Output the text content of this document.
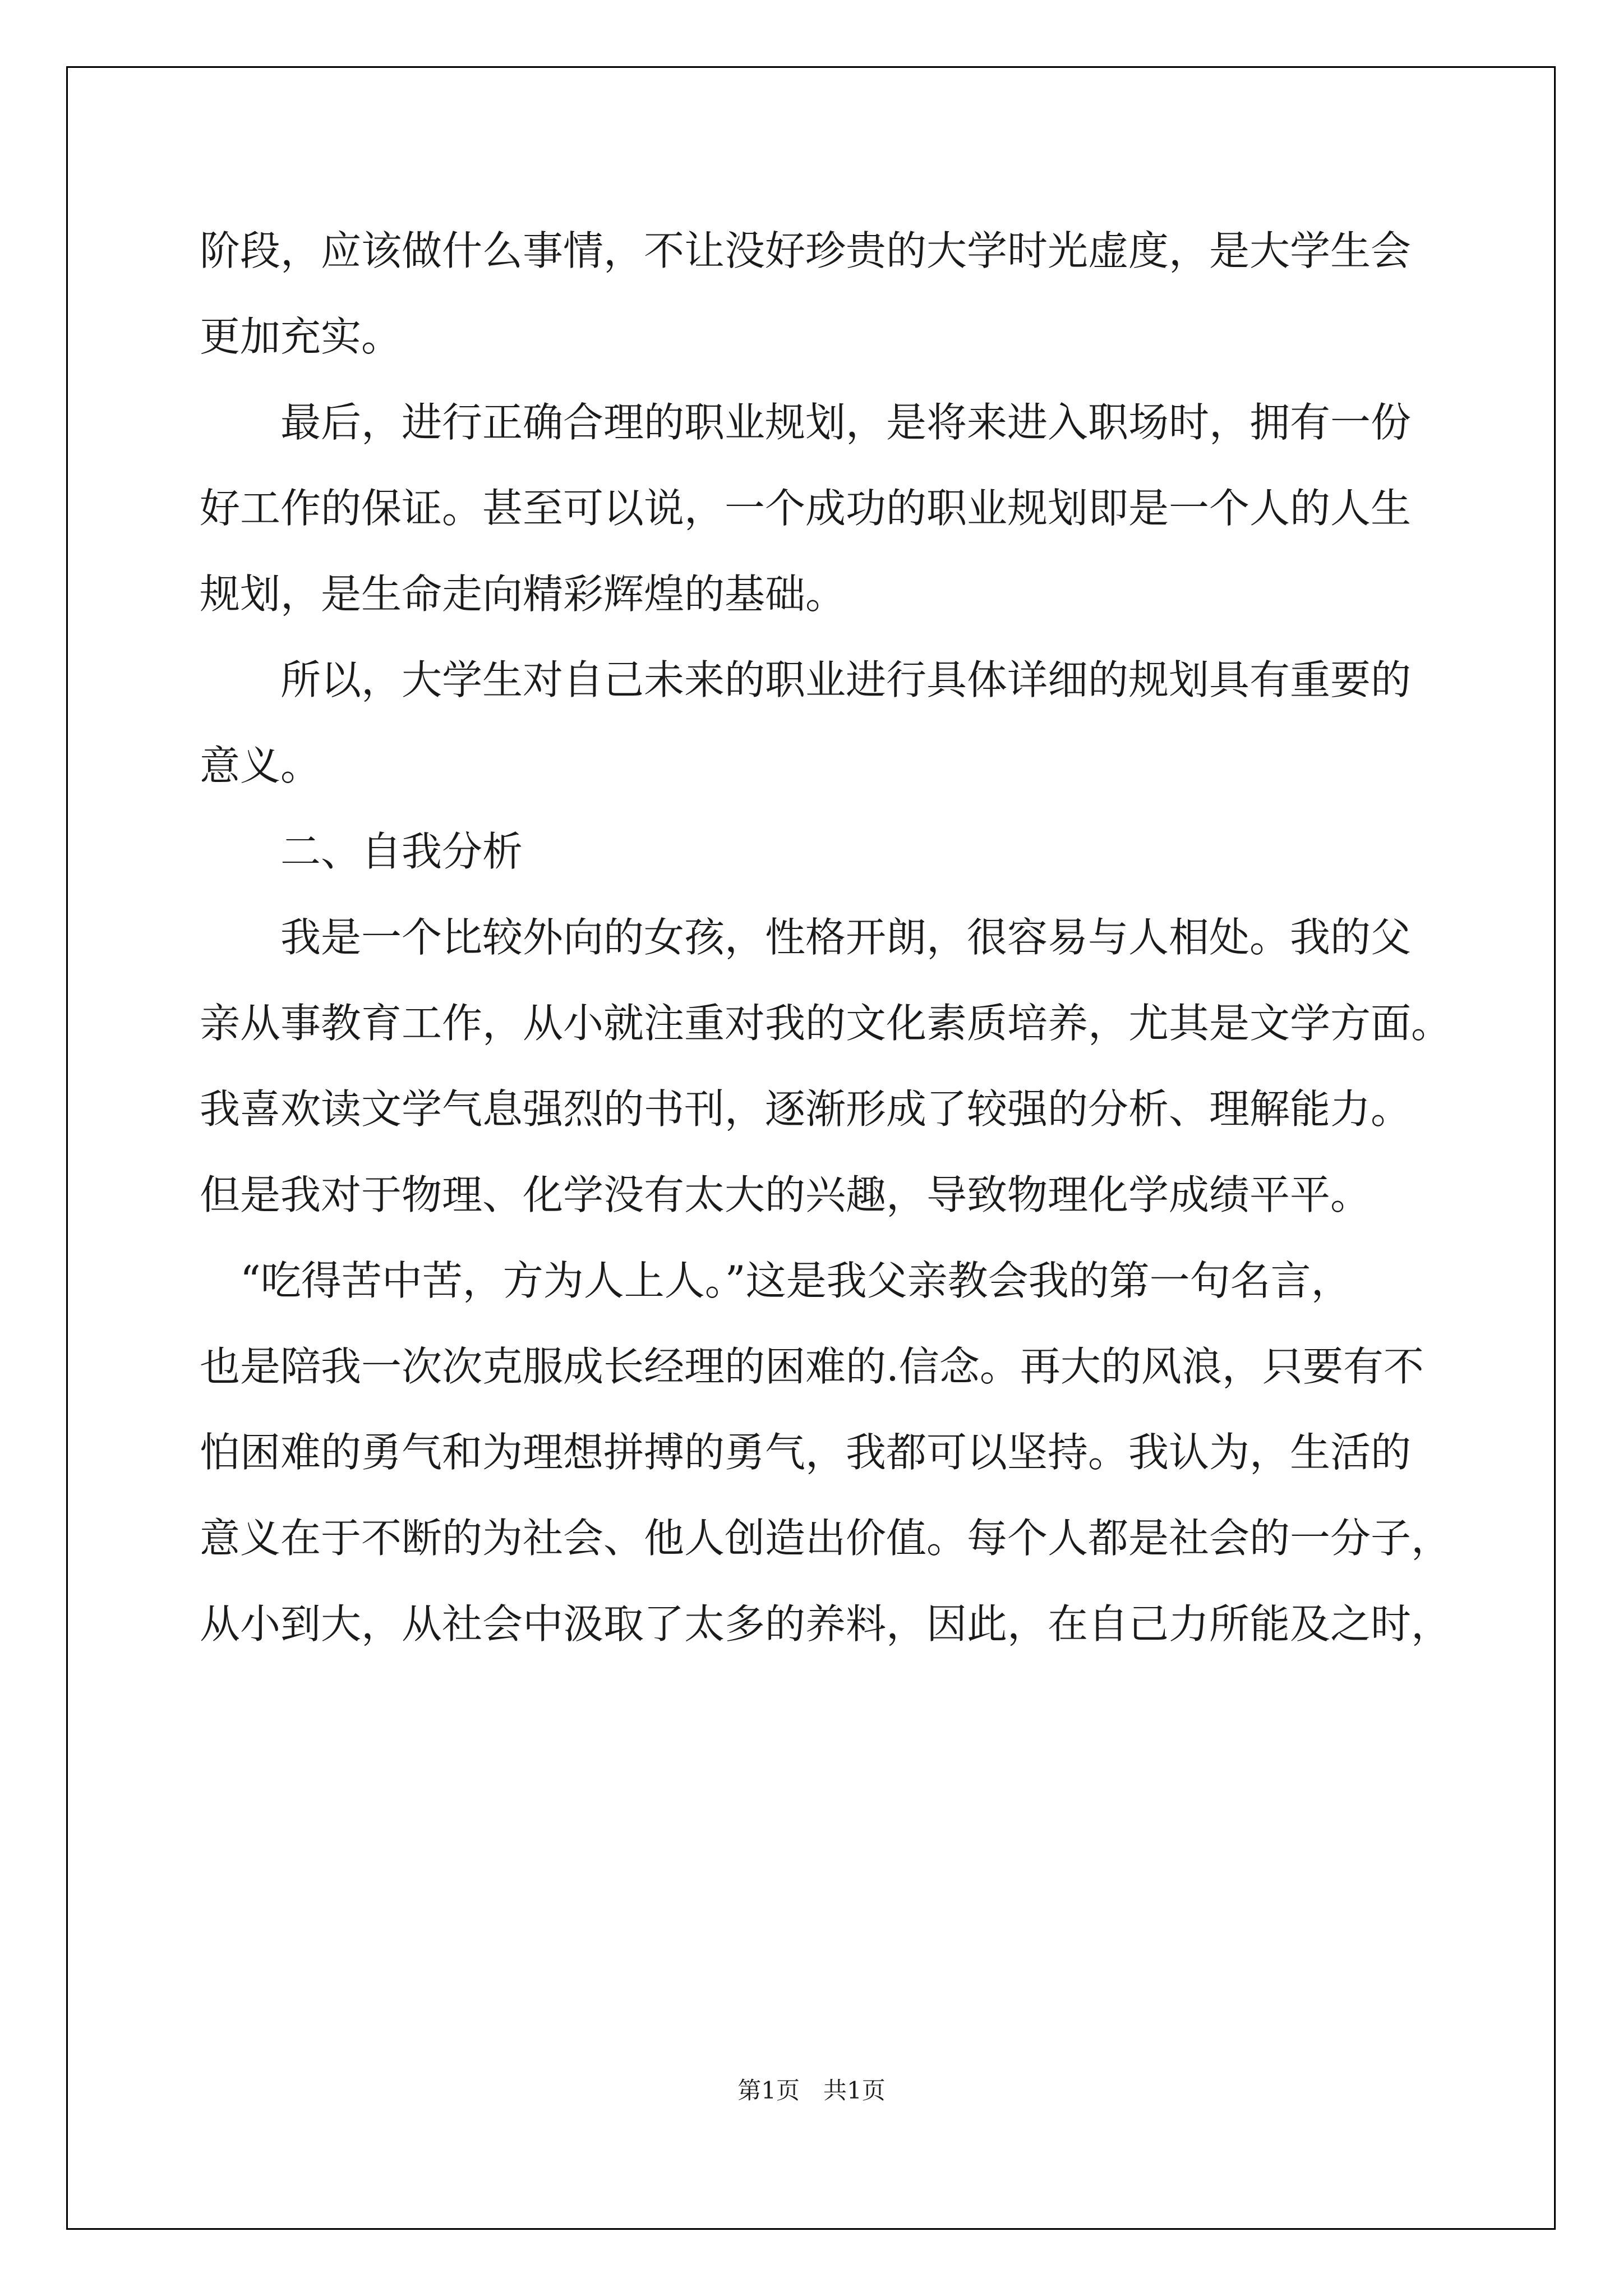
阶段，应该做什么事情，不让没好珍贵的大学时光虚度，是大学生会
更加充实。
　　最后，进行正确合理的职业规划，是将来进入职场时，拥有一份
好工作的保证。甚至可以说，一个成功的职业规划即是一个人的人生
规划，是生命走向精彩辉煌的基础。
　　所以，大学生对自己未来的职业进行具体详细的规划具有重要的
意义。
　　二、自我分析
　　我是一个比较外向的女孩，性格开朗，很容易与人相处。我的父
亲从事教育工作，从小就注重对我的文化素质培养，尤其是文学方面。
我喜欢读文学气息强烈的书刊，逐渐形成了较强的分析、理解能力。
但是我对于物理、化学没有太大的兴趣，导致物理化学成绩平平。
　“吃得苦中苦，方为人上人。”这是我父亲教会我的第一句名言，
也是陪我一次次克服成长经理的困难的.信念。再大的风浪，只要有不
怕困难的勇气和为理想拼搏的勇气，我都可以坚持。我认为，生活的
意义在于不断的为社会、他人创造出价值。每个人都是社会的一分子，
从小到大，从社会中汲取了太多的养料，因此，在自己力所能及之时，
第1页　共1页
